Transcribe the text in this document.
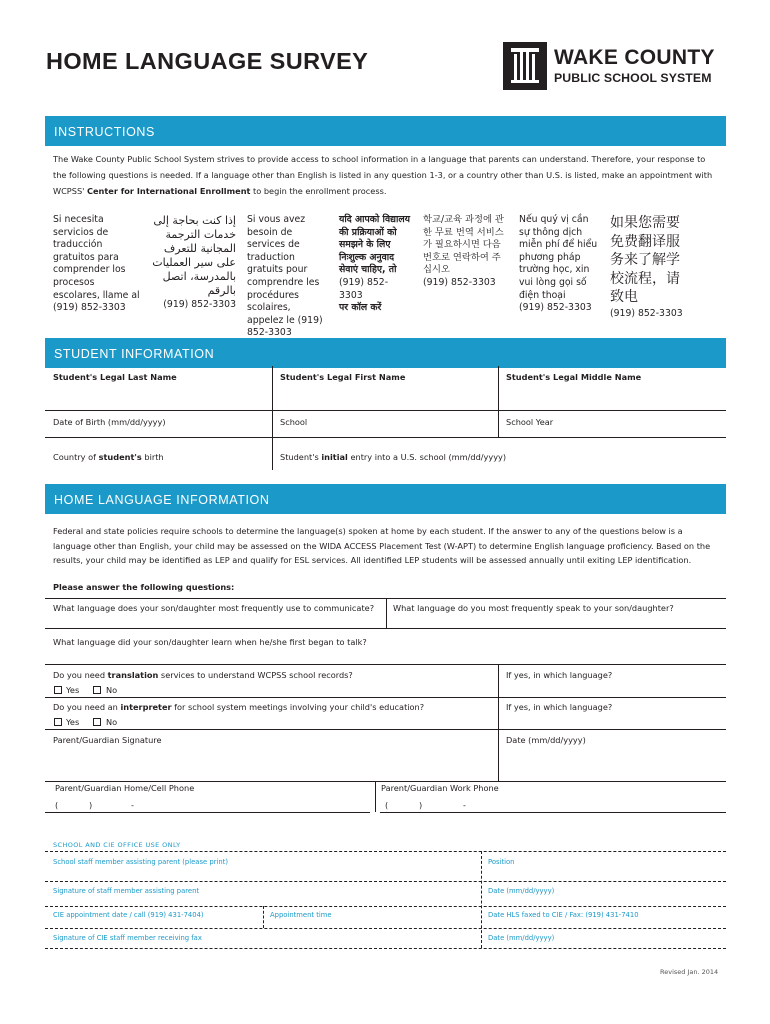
HOME LANGUAGE SURVEY	WAKE COUNTY
PUBLIC SCHOOL SYSTEM
INSTRUCTIONS
The Wake County Public School System strives to provide access to school information in a language that parents can understand. Therefore, your response to the following questions is needed. If a language other than English is listed in any question 1-3, or a country other than U.S. is listed, make an appointment with WCPSS' Center for International Enrollment to begin the enrollment process.
Si necesita servicios de traducción gratuitos para comprender los procesos escolares, llame al
(919) 852-3303
إذا كنت بحاجة إلى خدمات الترجمة المجانية للتعرف على سير العمليات بالمدرسة، اتصل بالرقم
(919) 852-3303
Si vous avez besoin de services de traduction gratuits pour comprendre les procédures scolaires, appelez le (919) 852-3303
यदि आपको विद्यालय की प्रक्रियाओं को समझने के लिए निःशुल्क अनुवाद सेवाएं चाहिए, तो
(919) 852-3303
पर कॉल करें
학교/교육 과정에 관한 무료 번역 서비스가 필요하시면 다음 번호로 연락하여 주십시오
(919) 852-3303
Nếu quý vị cần sự thông dịch miễn phí để hiểu phương pháp trường học, xin vui lòng gọi số điện thoại
(919) 852-3303
如果您需要免费翻译服务来了解学校流程，请致电
(919) 852-3303
STUDENT INFORMATION
Student's Legal Last Name	Student's Legal First Name	Student's Legal Middle Name
Date of Birth (mm/dd/yyyy)	School	School Year
Country of student's birth	Student's initial entry into a U.S. school (mm/dd/yyyy)
HOME LANGUAGE INFORMATION
Federal and state policies require schools to determine the language(s) spoken at home by each student. If the answer to any of the questions below is a language other than English, your child may be assessed on the WIDA ACCESS Placement Test (W-APT) to determine English language proficiency. Based on the results, your child may be identified as LEP and qualify for ESL services. All identified LEP students will be assessed annually until exiting LEP identification.
Please answer the following questions:
What language does your son/daughter most frequently use to communicate? What language do you most frequently speak to your son/daughter?
What language did your son/daughter learn when he/she first began to talk?
Do you need translation services to understand WCPSS school records?	If yes, in which language?
Yes	No
Do you need an interpreter for school system meetings involving your child's education?	If yes, in which language?
Yes	No
Parent/Guardian Signature	Date (mm/dd/yyyy)
Parent/Guardian Home/Cell Phone	Parent/Guardian Work Phone
(	)	-	(	)	-
SCHOOL AND CIE OFFICE USE ONLY
School staff member assisting parent (please print)	Position
Signature of staff member assisting parent	Date (mm/dd/yyyy)
CIE appointment date / call (919) 431-7404)	Appointment time	Date HLS faxed to CIE / Fax: (919) 431-7410
Signature of CIE staff member receiving fax	Date (mm/dd/yyyy)
Revised Jan. 2014
